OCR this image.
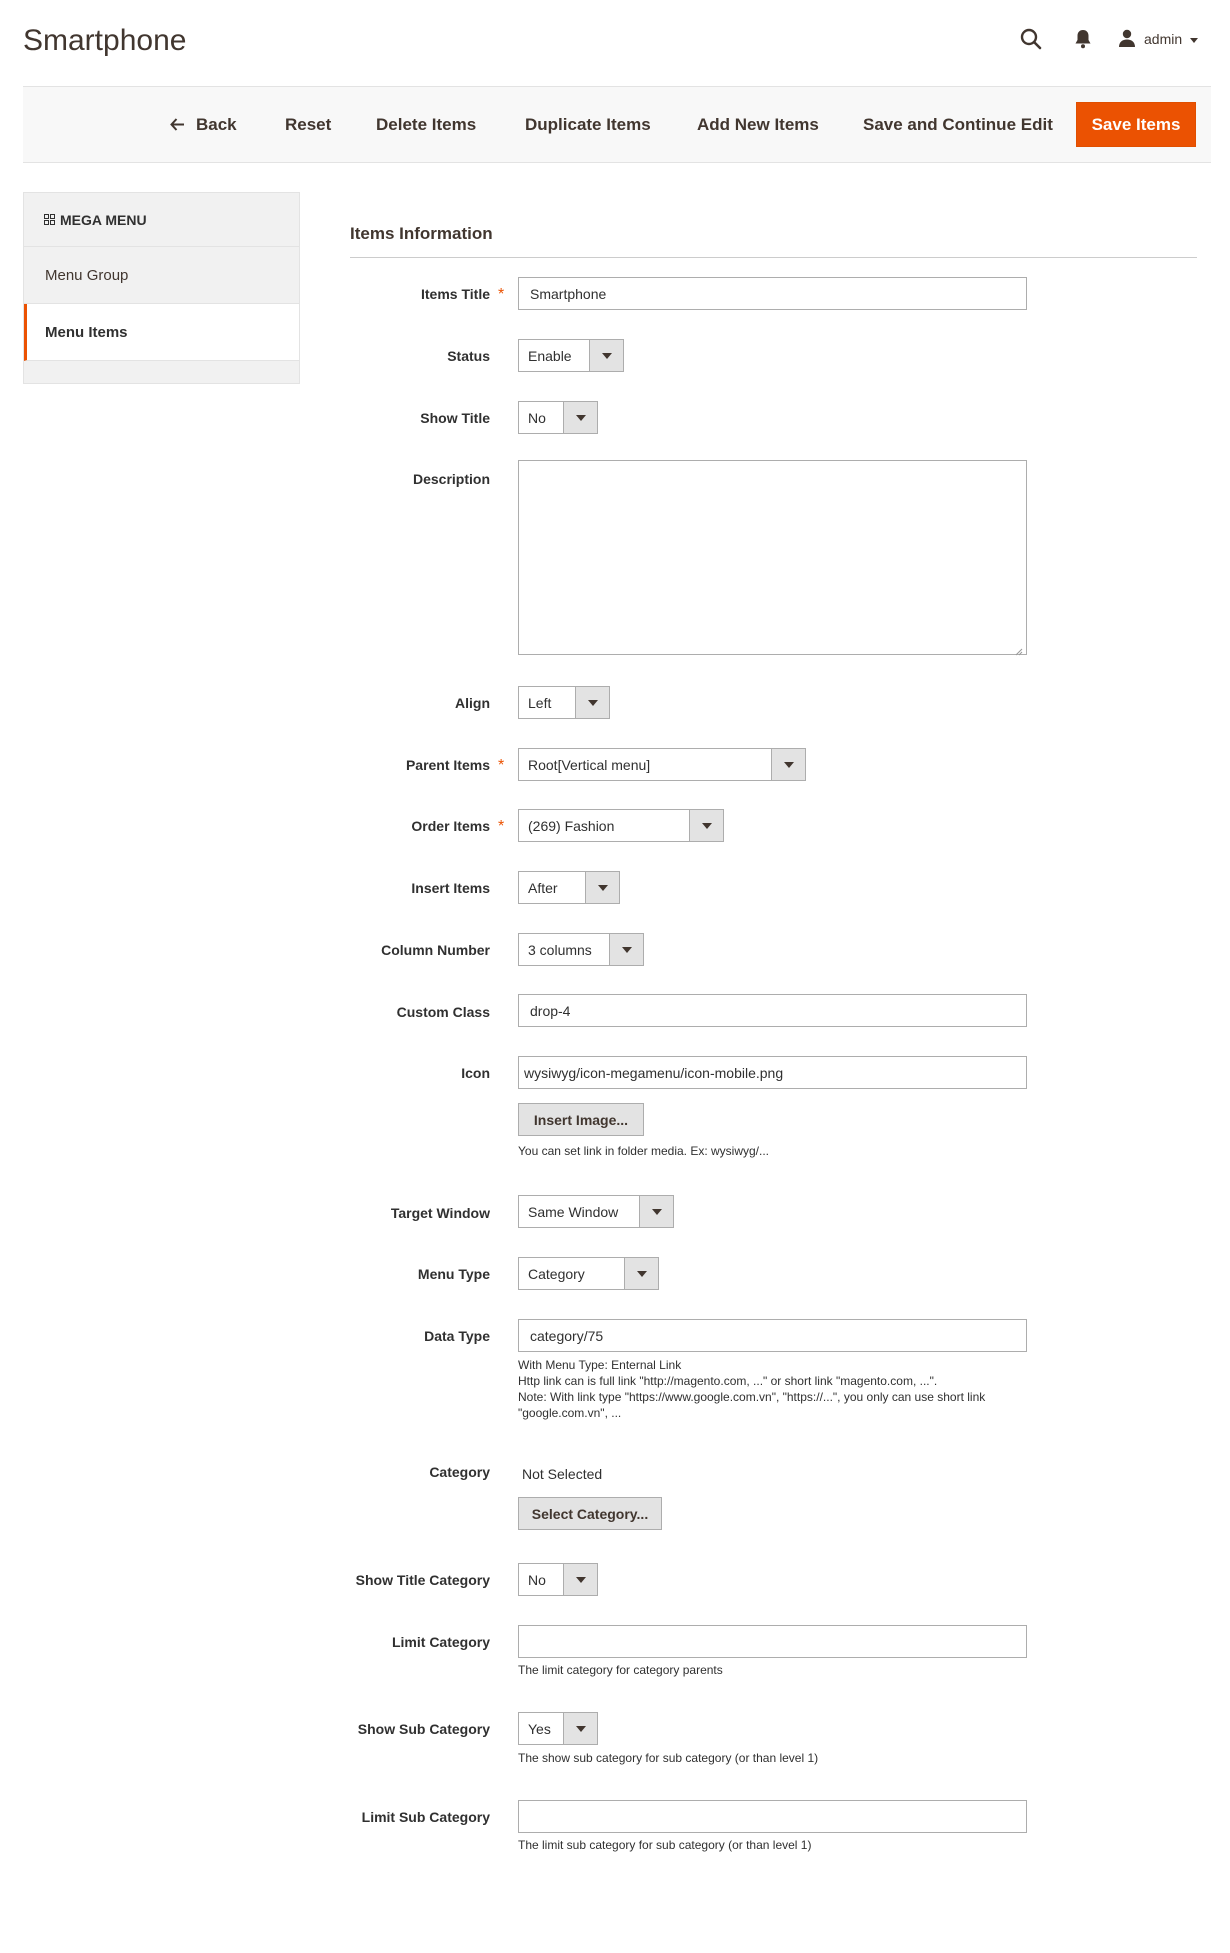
Smartphone	admin
Back	Reset	Delete Items	Duplicate Items	Add New Items	Save and Continue Edit	Save Items
MEGA MENU
Menu Group
Menu Items
Items Information
Items Title *	Smartphone
Status	Enable
Show Title	No
Description
Align	Left
Parent Items *	Root[Vertical menu]
Order Items *	(269) Fashion
Insert Items	After
Column Number	3 columns
Custom Class	drop-4
Icon	wysiwyg/icon-megamenu/icon-mobile.png
Insert Image...
You can set link in folder media. Ex: wysiwyg/...
Target Window	Same Window
Menu Type	Category
Data Type	category/75
With Menu Type: Enternal Link
Http link can is full link "http://magento.com, ..." or short link "magento.com, ...".
Note: With link type "https://www.google.com.vn", "https://...", you only can use short link "google.com.vn", ...
Category Not Selected
Select Category...
Show Title Category	No
Limit Category
The limit category for category parents
Show Sub Category	Yes
The show sub category for sub category (or than level 1)
Limit Sub Category
The limit sub category for sub category (or than level 1)
